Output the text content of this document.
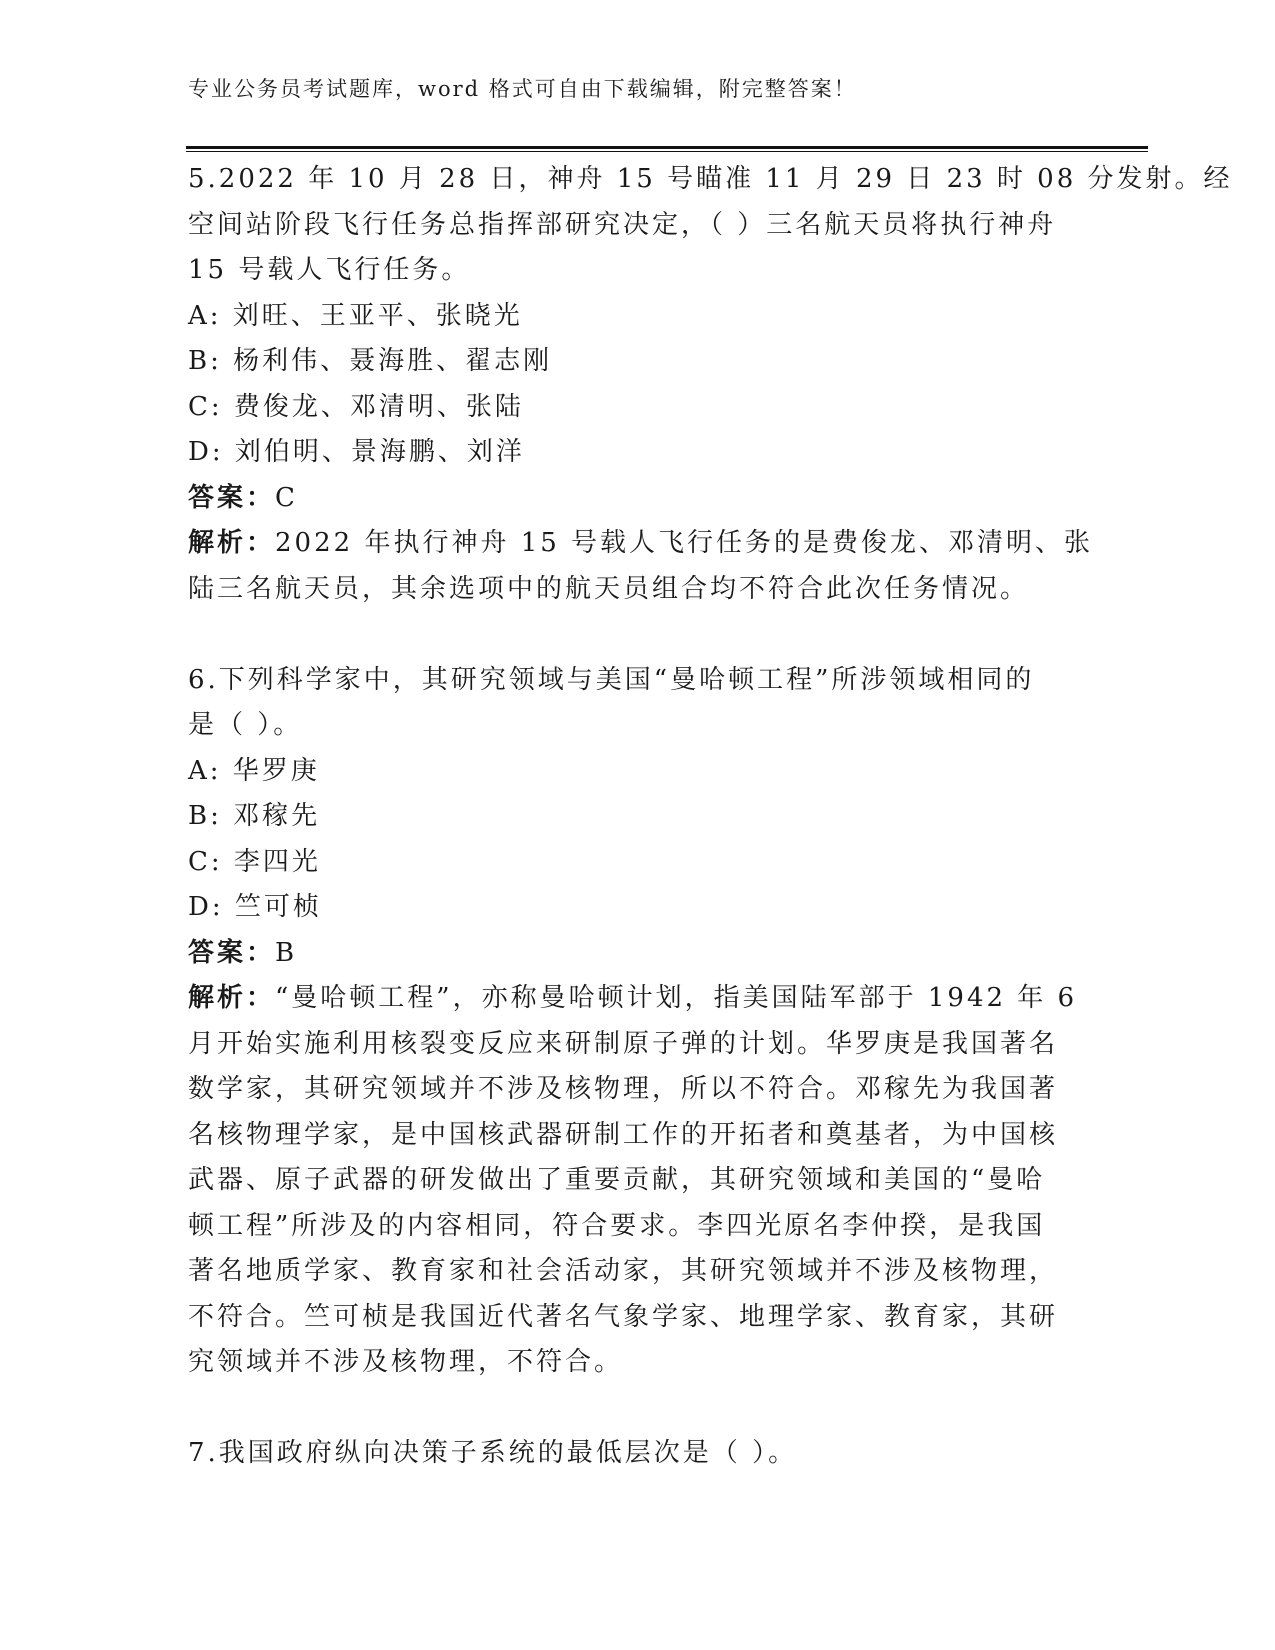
专业公务员考试题库，word 格式可自由下载编辑，附完整答案！
5.2022 年 10 月 28 日，神舟 15 号瞄准 11 月 29 日 23 时 08 分发射。经
空间站阶段飞行任务总指挥部研究决定，（ ）三名航天员将执行神舟
15 号载人飞行任务。
A: 刘旺、王亚平、张晓光
B: 杨利伟、聂海胜、翟志刚
C: 费俊龙、邓清明、张陆
D: 刘伯明、景海鹏、刘洋
答案：C
解析：2022 年执行神舟 15 号载人飞行任务的是费俊龙、邓清明、张
陆三名航天员，其余选项中的航天员组合均不符合此次任务情况。
6.下列科学家中，其研究领域与美国“曼哈顿工程”所涉领域相同的
是（ ）。
A: 华罗庚
B: 邓稼先
C: 李四光
D: 竺可桢
答案：B
解析：“曼哈顿工程”，亦称曼哈顿计划，指美国陆军部于 1942 年 6
月开始实施利用核裂变反应来研制原子弹的计划。华罗庚是我国著名
数学家，其研究领域并不涉及核物理，所以不符合。邓稼先为我国著
名核物理学家，是中国核武器研制工作的开拓者和奠基者，为中国核
武器、原子武器的研发做出了重要贡献，其研究领域和美国的“曼哈
顿工程”所涉及的内容相同，符合要求。李四光原名李仲揆，是我国
著名地质学家、教育家和社会活动家，其研究领域并不涉及核物理，
不符合。竺可桢是我国近代著名气象学家、地理学家、教育家，其研
究领域并不涉及核物理，不符合。
7.我国政府纵向决策子系统的最低层次是（ ）。
